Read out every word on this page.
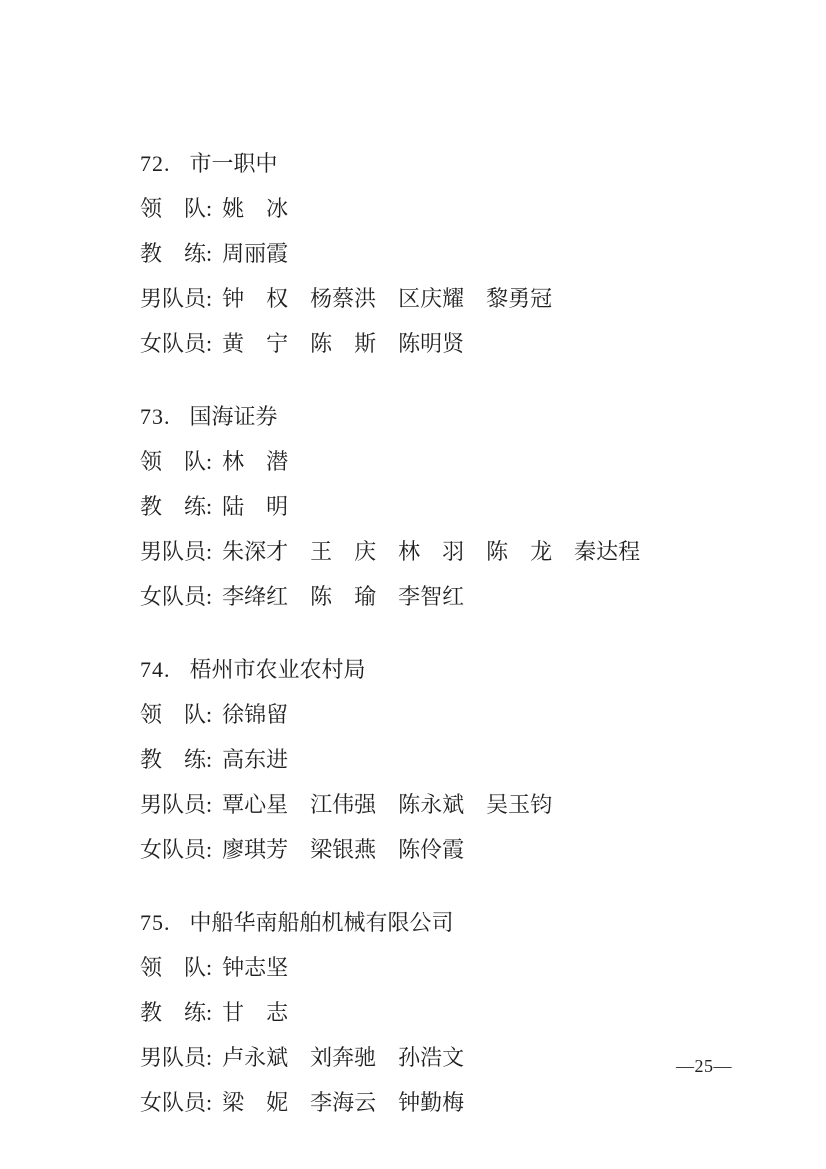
72. 市一职中

领　队: 姚　冰

教　练: 周丽霞

男队员: 钟　权　杨蔡洪　区庆耀　黎勇冠

女队员: 黄　宁　陈　斯　陈明贤

73. 国海证券

领　队: 林　潜

教　练: 陆　明

男队员: 朱深才　王　庆　林　羽　陈　龙　秦达程

女队员: 李绛红　陈　瑜　李智红

74. 梧州市农业农村局

领　队: 徐锦留

教　练: 高东进

男队员: 覃心星　江伟强　陈永斌　吴玉钧

女队员: 廖琪芳　梁银燕　陈伶霞

75. 中船华南船舶机械有限公司

领　队: 钟志坚

教　练: 甘　志

男队员: 卢永斌　刘奔驰　孙浩文

女队员: 梁　妮　李海云　钟勤梅

—25—
